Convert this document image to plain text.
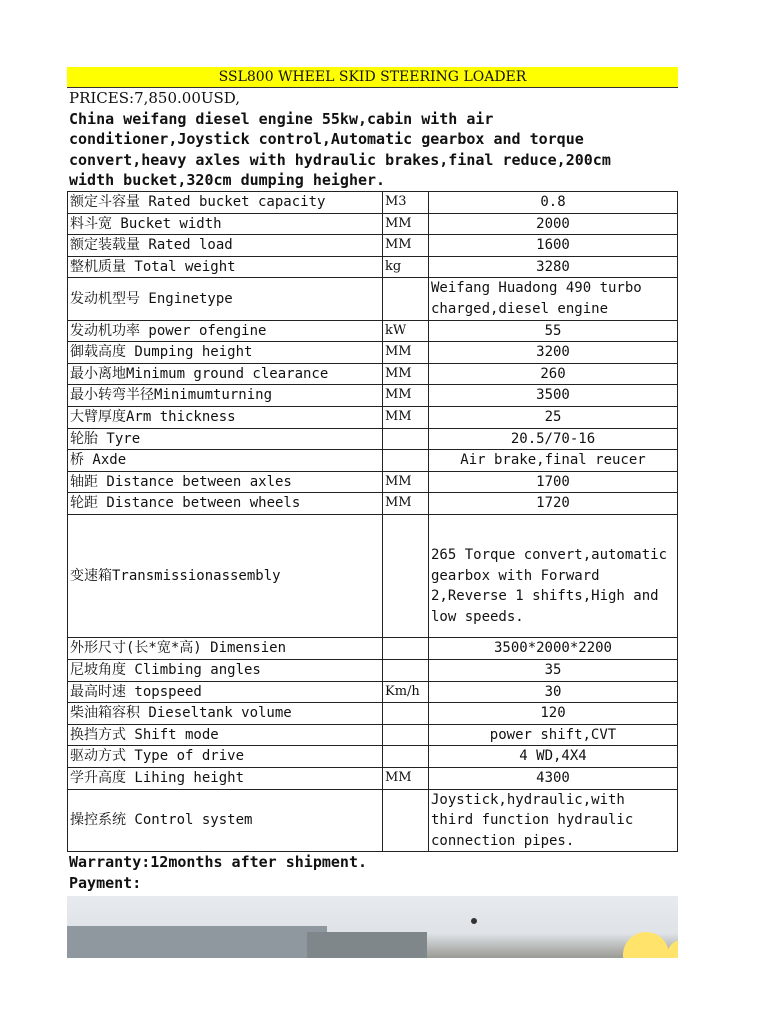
SSL800 WHEEL SKID STEERING LOADER
PRICES:7,850.00USD,
China weifang diesel engine 55kw,cabin with air
conditioner,Joystick control,Automatic gearbox and torque
convert,heavy axles with hydraulic brakes,final reduce,200cm
width bucket,320cm dumping heigher.
额定斗容量 Rated bucket capacity	M3	0.8
料斗宽 Bucket width	MM	2000
额定装载量 Rated load	MM	1600
整机质量 Total weight	kg	3280
发动机型号 Enginetype		Weifang Huadong 490 turbo charged,diesel engine
发动机功率 power ofengine	kW	55
御载高度 Dumping height	MM	3200
最小离地Minimum ground clearance	MM	260
最小转弯半径Minimumturning	MM	3500
大臂厚度Arm thickness	MM	25
轮胎 Tyre		20.5/70-16
桥 Axde		Air brake,final reucer
轴距 Distance between axles	MM	1700
轮距 Distance between wheels	MM	1720
变速箱Transmissionassembly		265 Torque convert,automatic gearbox with Forward 2,Reverse 1 shifts,High and low speeds.
外形尺寸(长*宽*高) Dimensien		3500*2000*2200
尼坡角度 Climbing angles		35
最高时速 topspeed	Km/h	30
柴油箱容积 Dieseltank volume		120
换挡方式 Shift mode		power shift,CVT
驱动方式 Type of drive		4 WD,4X4
学升高度 Lihing height	MM	4300
操控系统 Control system		Joystick,hydraulic,with third function hydraulic connection pipes.
Warranty:12months after shipment.
Payment:
